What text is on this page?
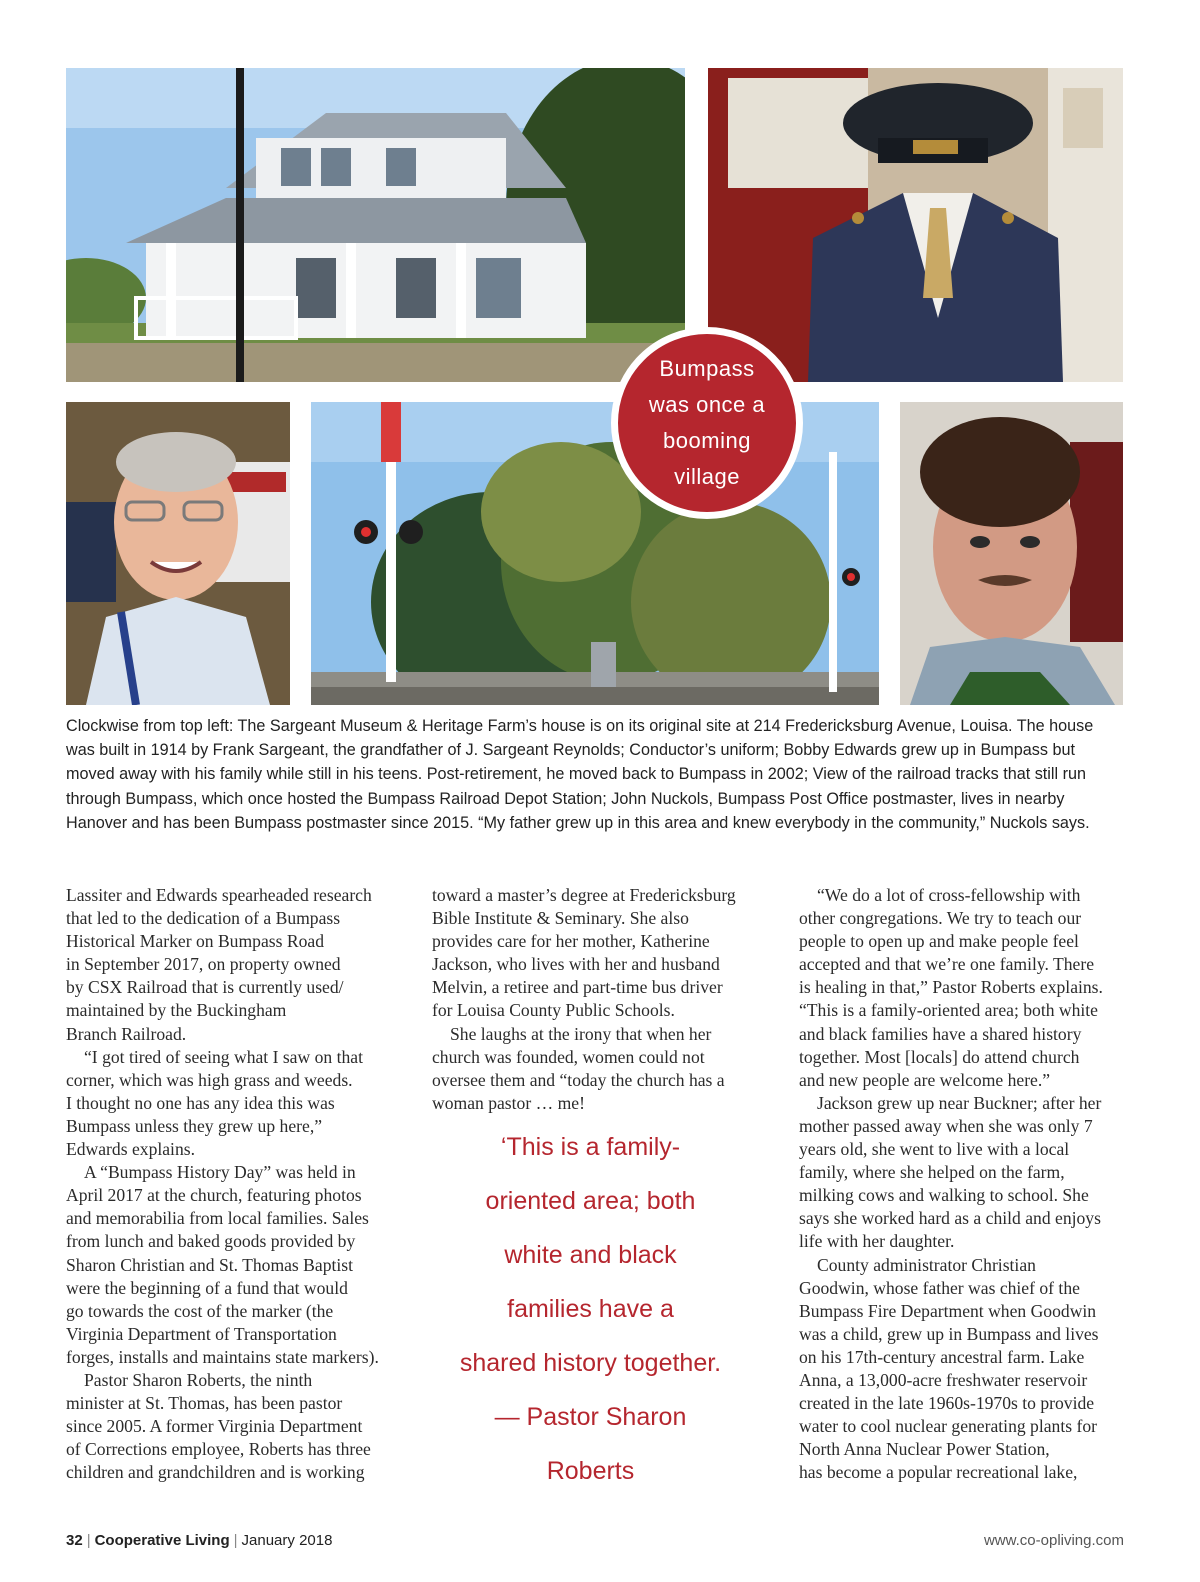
Bumpass
was once a
booming
village

Clockwise from top left: The Sargeant Museum & Heritage Farm’s house is on its original site at 214 Fredericksburg Avenue, Louisa. The house was built in 1914 by Frank Sargeant, the grandfather of J. Sargeant Reynolds; Conductor’s uniform; Bobby Edwards grew up in Bumpass but moved away with his family while still in his teens. Post-retirement, he moved back to Bumpass in 2002; View of the railroad tracks that still run through Bumpass, which once hosted the Bumpass Railroad Depot Station; John Nuckols, Bumpass Post Office postmaster, lives in nearby Hanover and has been Bumpass postmaster since 2015. “My father grew up in this area and knew everybody in the community,” Nuckols says.

Lassiter and Edwards spearheaded research
that led to the dedication of a Bumpass
Historical Marker on Bumpass Road
in September 2017, on property owned
by CSX Railroad that is currently used/
maintained by the Buckingham
Branch Railroad.
“I got tired of seeing what I saw on that
corner, which was high grass and weeds.
I thought no one has any idea this was
Bumpass unless they grew up here,”
Edwards explains.
A “Bumpass History Day” was held in
April 2017 at the church, featuring photos
and memorabilia from local families. Sales
from lunch and baked goods provided by
Sharon Christian and St. Thomas Baptist
were the beginning of a fund that would
go towards the cost of the marker (the
Virginia Department of Transportation
forges, installs and maintains state markers).
Pastor Sharon Roberts, the ninth
minister at St. Thomas, has been pastor
since 2005. A former Virginia Department
of Corrections employee, Roberts has three
children and grandchildren and is working
toward a master’s degree at Fredericksburg
Bible Institute & Seminary. She also
provides care for her mother, Katherine
Jackson, who lives with her and husband
Melvin, a retiree and part-time bus driver
for Louisa County Public Schools.
She laughs at the irony that when her
church was founded, women could not
oversee them and “today the church has a
woman pastor … me!
“We do a lot of cross-fellowship with
other congregations. We try to teach our
people to open up and make people feel
accepted and that we’re one family. There
is healing in that,” Pastor Roberts explains.
“This is a family-oriented area; both white
and black families have a shared history
together. Most [locals] do attend church
and new people are welcome here.”
Jackson grew up near Buckner; after her
mother passed away when she was only 7
years old, she went to live with a local
family, where she helped on the farm,
milking cows and walking to school. She
says she worked hard as a child and enjoys
life with her daughter.
County administrator Christian
Goodwin, whose father was chief of the
Bumpass Fire Department when Goodwin
was a child, grew up in Bumpass and lives
on his 17th-century ancestral farm. Lake
Anna, a 13,000-acre freshwater reservoir
created in the late 1960s-1970s to provide
water to cool nuclear generating plants for
North Anna Nuclear Power Station,
has become a popular recreational lake,
‘This is a family-
oriented area; both
white and black
families have a
shared history together.
— Pastor Sharon
Roberts
32 | Cooperative Living | January 2018	www.co-opliving.com
